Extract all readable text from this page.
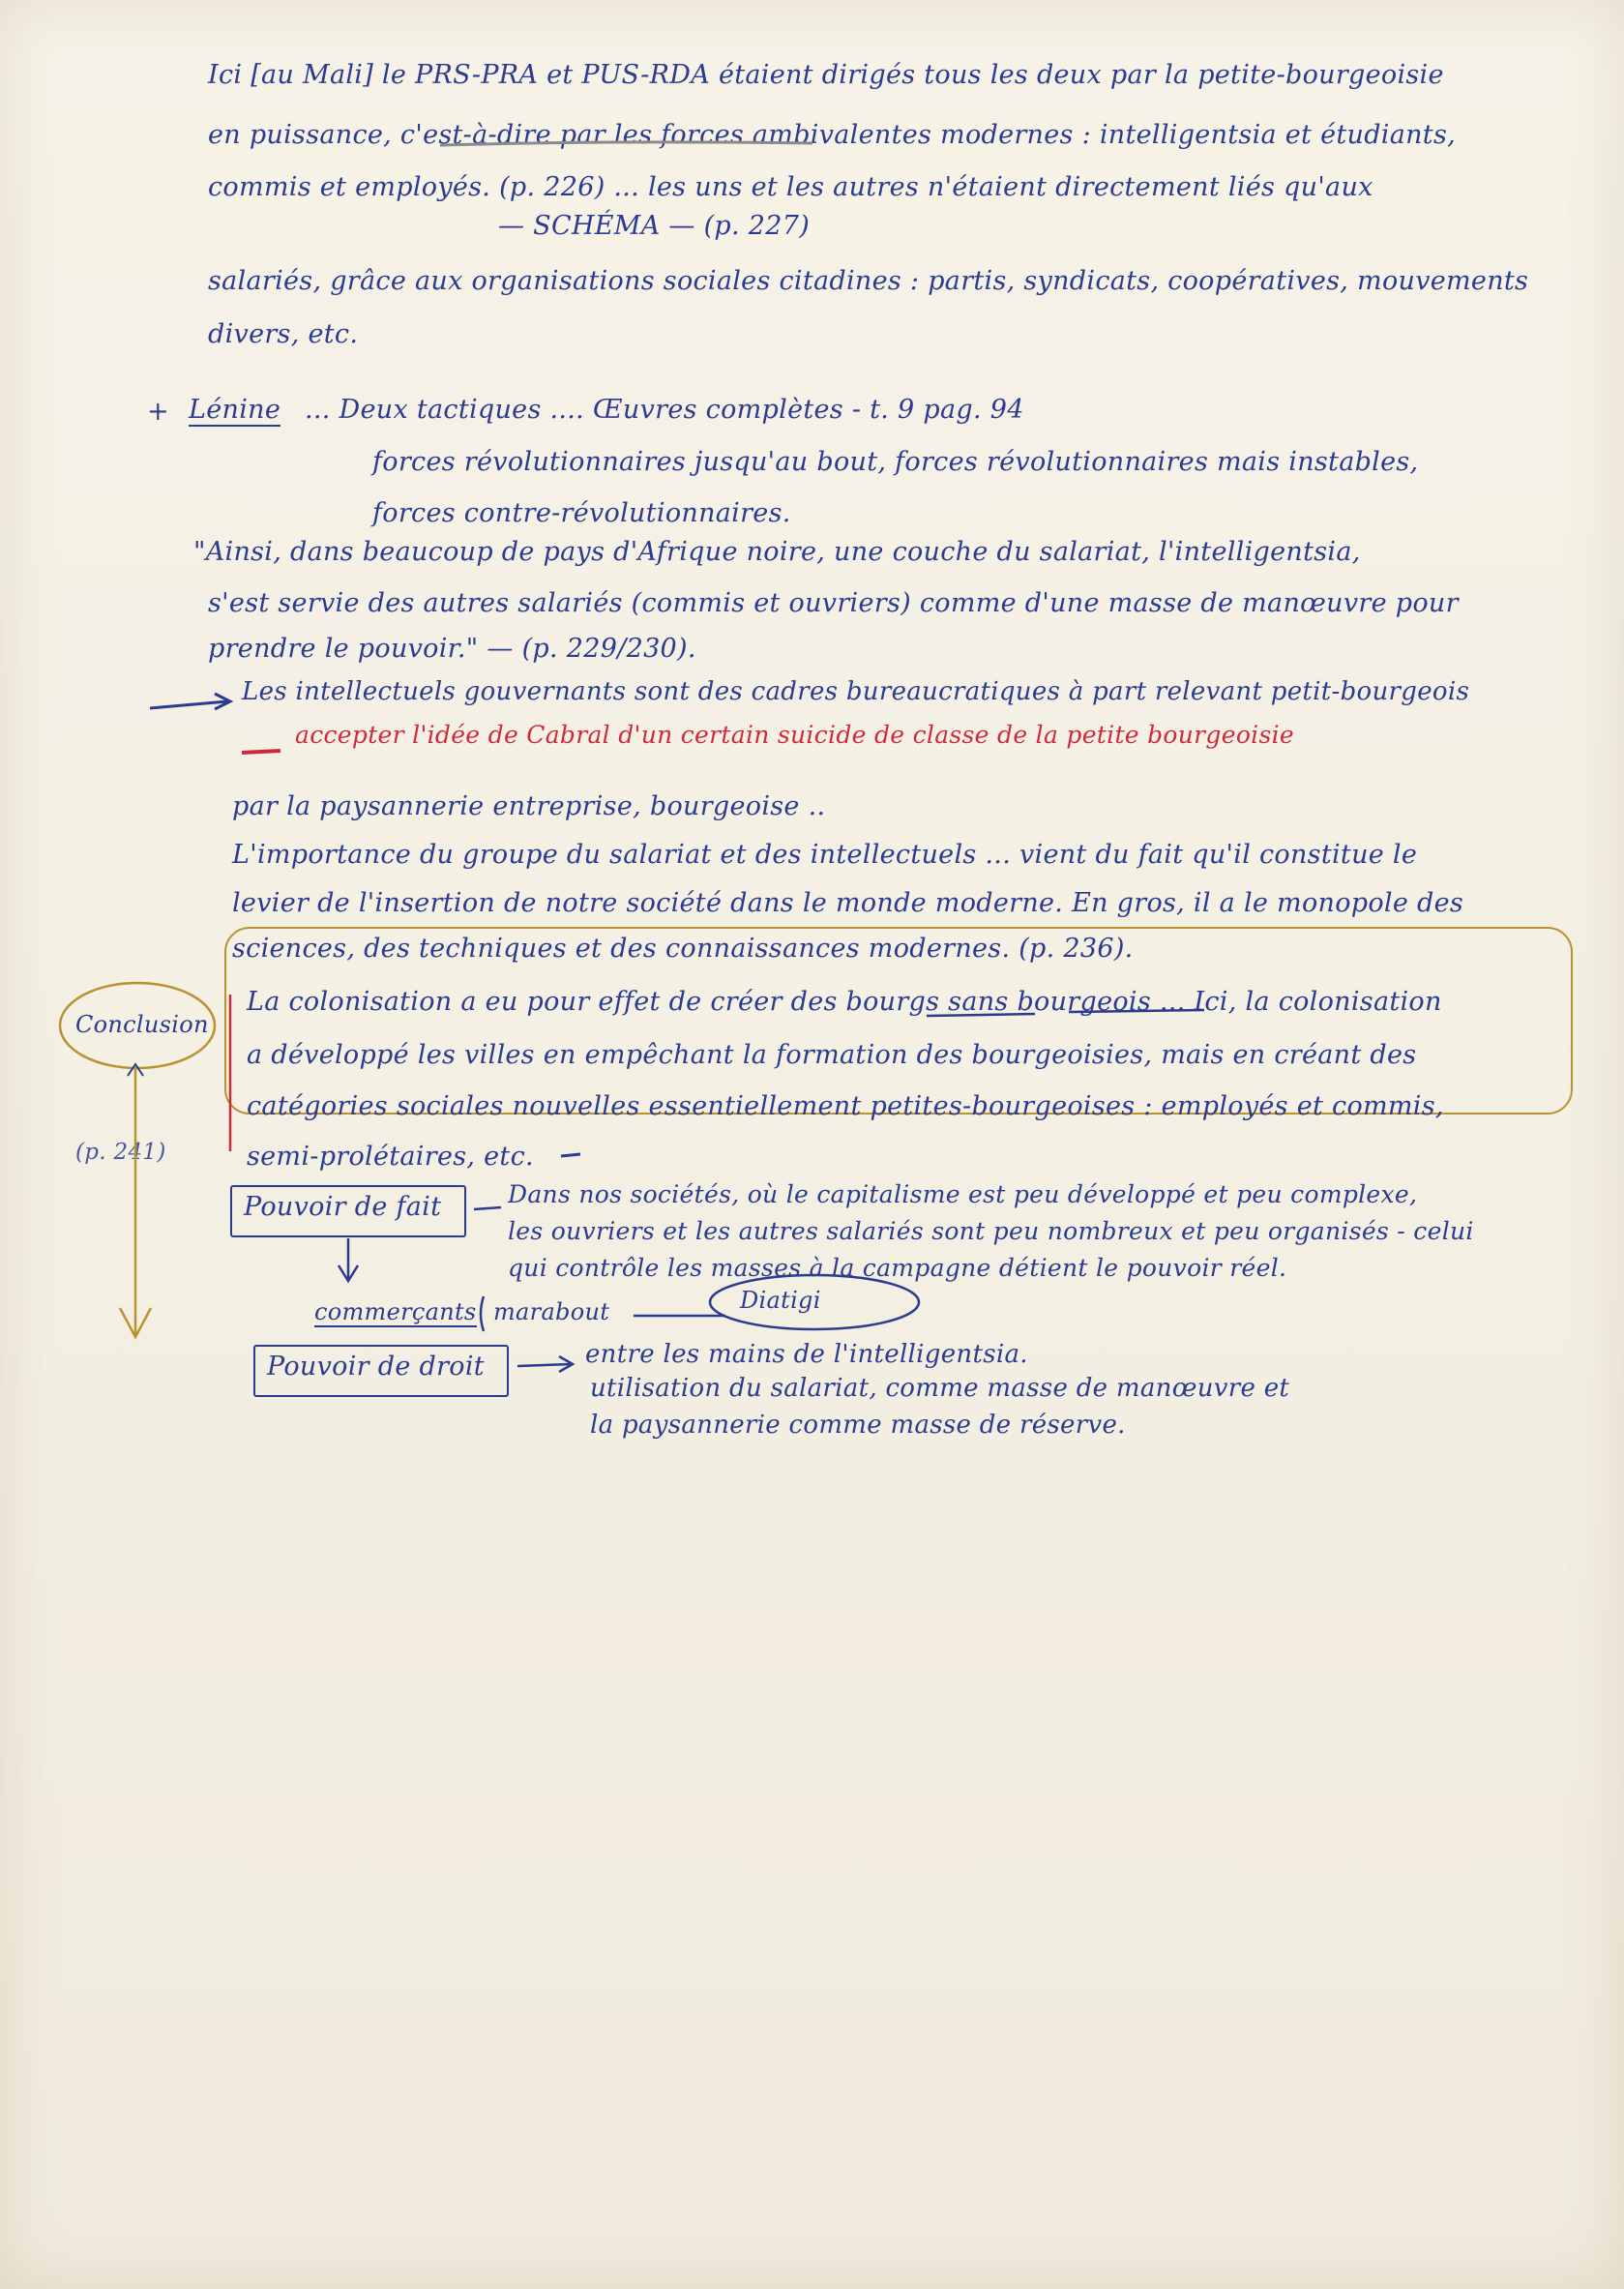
Ici [au Mali] le PRS-PRA et PUS-RDA étaient dirigés tous les deux par la petite-bourgeoisie
en puissance, c'est-à-dire par les forces ambivalentes modernes : intelligentsia et étudiants,
commis et employés. (p. 226) ... les uns et les autres n'étaient directement liés qu'aux
— SCHÉMA — (p. 227)
salariés, grâce aux organisations sociales citadines : partis, syndicats, coopératives, mouvements
divers, etc.
+ Lénine ... Deux tactiques .... Œuvres complètes - t. 9 pag. 94
forces révolutionnaires jusqu'au bout, forces révolutionnaires mais instables,
forces contre-révolutionnaires.
"Ainsi, dans beaucoup de pays d'Afrique noire, une couche du salariat, l'intelligentsia,
s'est servie des autres salariés (commis et ouvriers) comme d'une masse de manœuvre pour
prendre le pouvoir." — (p. 229/230).
Les intellectuels gouvernants sont des cadres bureaucratiques à part relevant petit-bourgeois
accepter l'idée de Cabral d'un certain suicide de classe de la petite bourgeoisie
par la paysannerie entreprise, bourgeoise ..
L'importance du groupe du salariat et des intellectuels ... vient du fait qu'il constitue le
levier de l'insertion de notre société dans le monde moderne. En gros, il a le monopole des
sciences, des techniques et des connaissances modernes. (p. 236).
Conclusion
(p. 241)
La colonisation a eu pour effet de créer des bourgs sans bourgeois ... Ici, la colonisation
a développé les villes en empêchant la formation des bourgeoisies, mais en créant des
catégories sociales nouvelles essentiellement petites-bourgeoises : employés et commis,
semi-prolétaires, etc.
Pouvoir de fait	Dans nos sociétés, où le capitalisme est peu développé et peu complexe,
les ouvriers et les autres salariés sont peu nombreux et peu organisés - celui
qui contrôle les masses à la campagne détient le pouvoir réel.
commerçants marabout	Diatigi
Pouvoir de droit	entre les mains de l'intelligentsia.
utilisation du salariat, comme masse de manœuvre et
la paysannerie comme masse de réserve.
